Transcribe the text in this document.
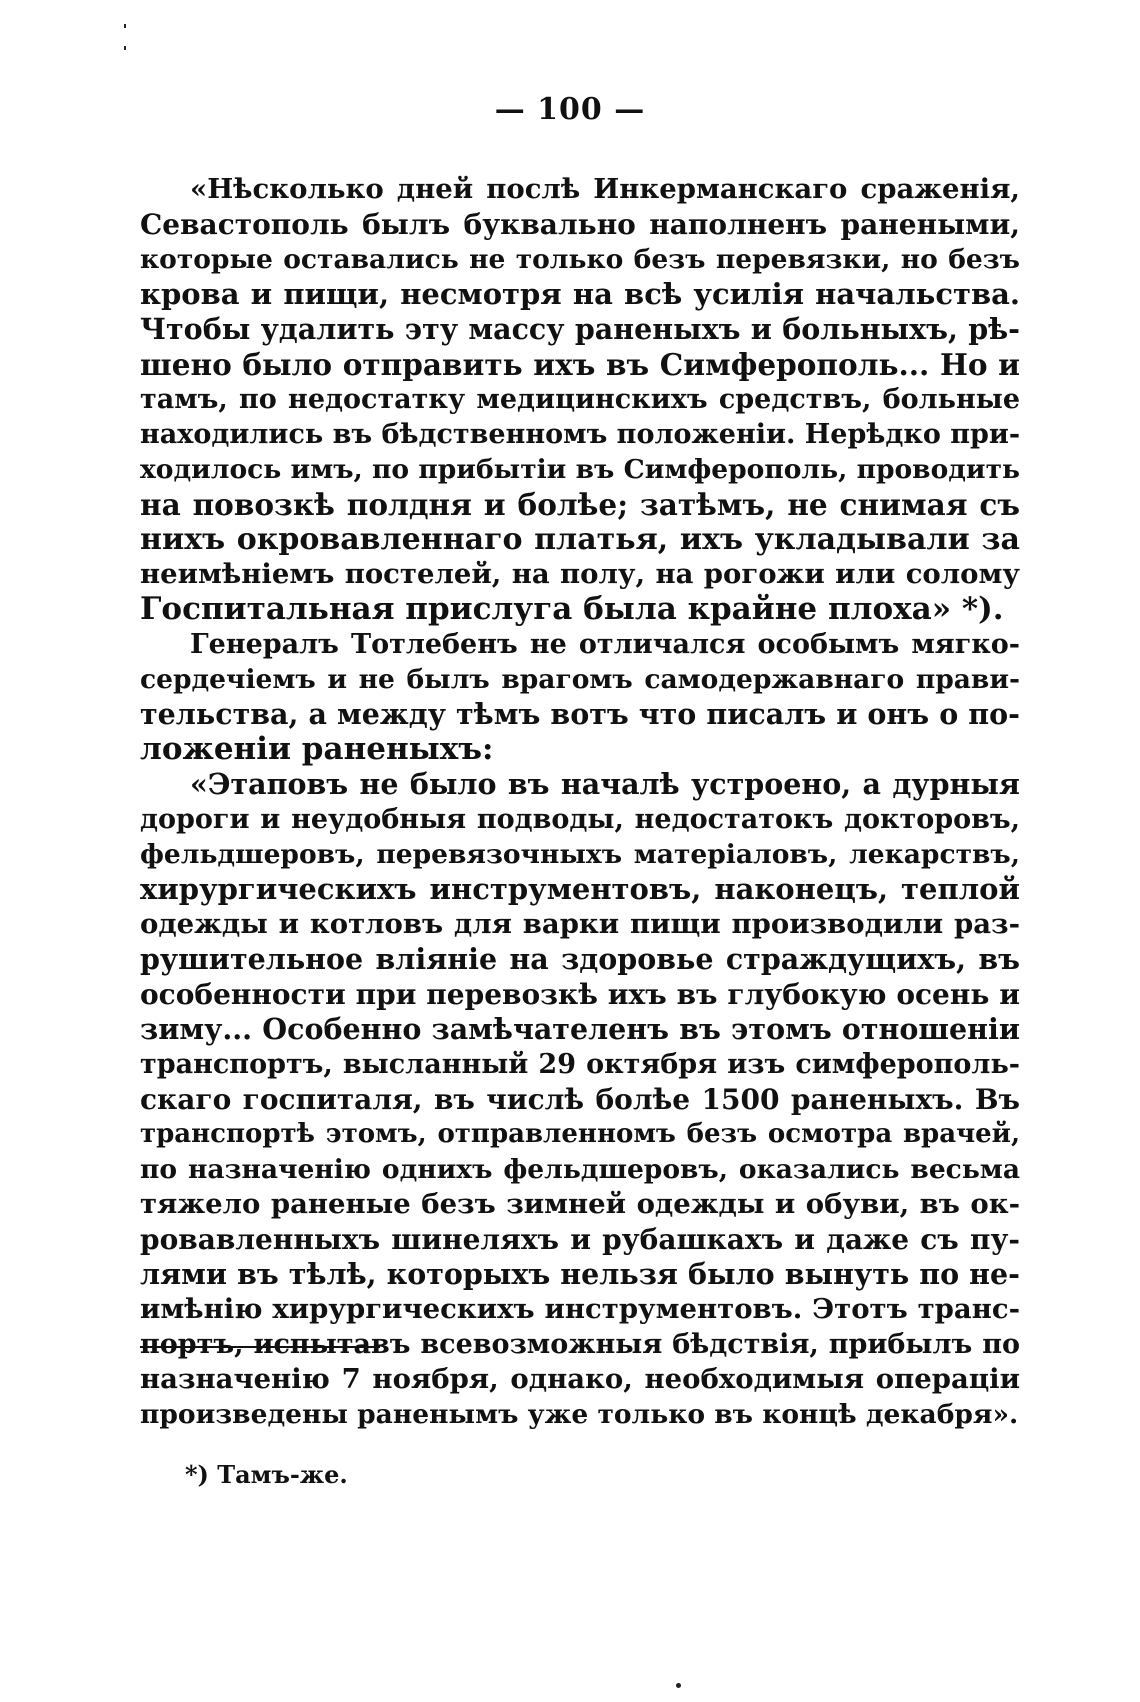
— 100 —
«Нѣсколько дней послѣ Инкерманскаго сраженія,
Севастополь былъ буквально наполненъ ранеными,
которые оставались не только безъ перевязки, но безъ
крова и пищи, несмотря на всѣ усилія начальства.
Чтобы удалить эту массу раненыхъ и больныхъ, рѣ-
шено было отправить ихъ въ Симферополь... Но и
тамъ, по недостатку медицинскихъ средствъ, больные
находились въ бѣдственномъ положеніи. Нерѣдко при-
ходилось имъ, по прибытіи въ Симферополь, проводить
на повозкѣ полдня и болѣе; затѣмъ, не снимая съ
нихъ окровавленнаго платья, ихъ укладывали за
неимѣніемъ постелей, на полу, на рогожи или солому
Госпитальная прислуга была крайне плоха» *).
Генералъ Тотлебенъ не отличался особымъ мягко-
сердечіемъ и не былъ врагомъ самодержавнаго прави-
тельства, а между тѣмъ вотъ что писалъ и онъ о по-
ложеніи раненыхъ:
«Этаповъ не было въ началѣ устроено, а дурныя
дороги и неудобныя подводы, недостатокъ докторовъ,
фельдшеровъ, перевязочныхъ матеріаловъ, лекарствъ,
хирургическихъ инструментовъ, наконецъ, теплой
одежды и котловъ для варки пищи производили раз-
рушительное вліяніе на здоровье страждущихъ, въ
особенности при перевозкѣ ихъ въ глубокую осень и
зиму... Особенно замѣчателенъ въ этомъ отношеніи
транспортъ, высланный 29 октября изъ симферополь-
скаго госпиталя, въ числѣ болѣе 1500 раненыхъ. Въ
транспортѣ этомъ, отправленномъ безъ осмотра врачей,
по назначенію однихъ фельдшеровъ, оказались весьма
тяжело раненые безъ зимней одежды и обуви, въ ок-
ровавленныхъ шинеляхъ и рубашкахъ и даже съ пу-
лями въ тѣлѣ, которыхъ нельзя было вынуть по не-
имѣнію хирургическихъ инструментовъ. Этотъ транс-
портъ, испытавъ всевозможныя бѣдствія, прибылъ по
назначенію 7 ноября, однако, необходимыя операціи
произведены раненымъ уже только въ концѣ декабря».
*) Тамъ-же.
